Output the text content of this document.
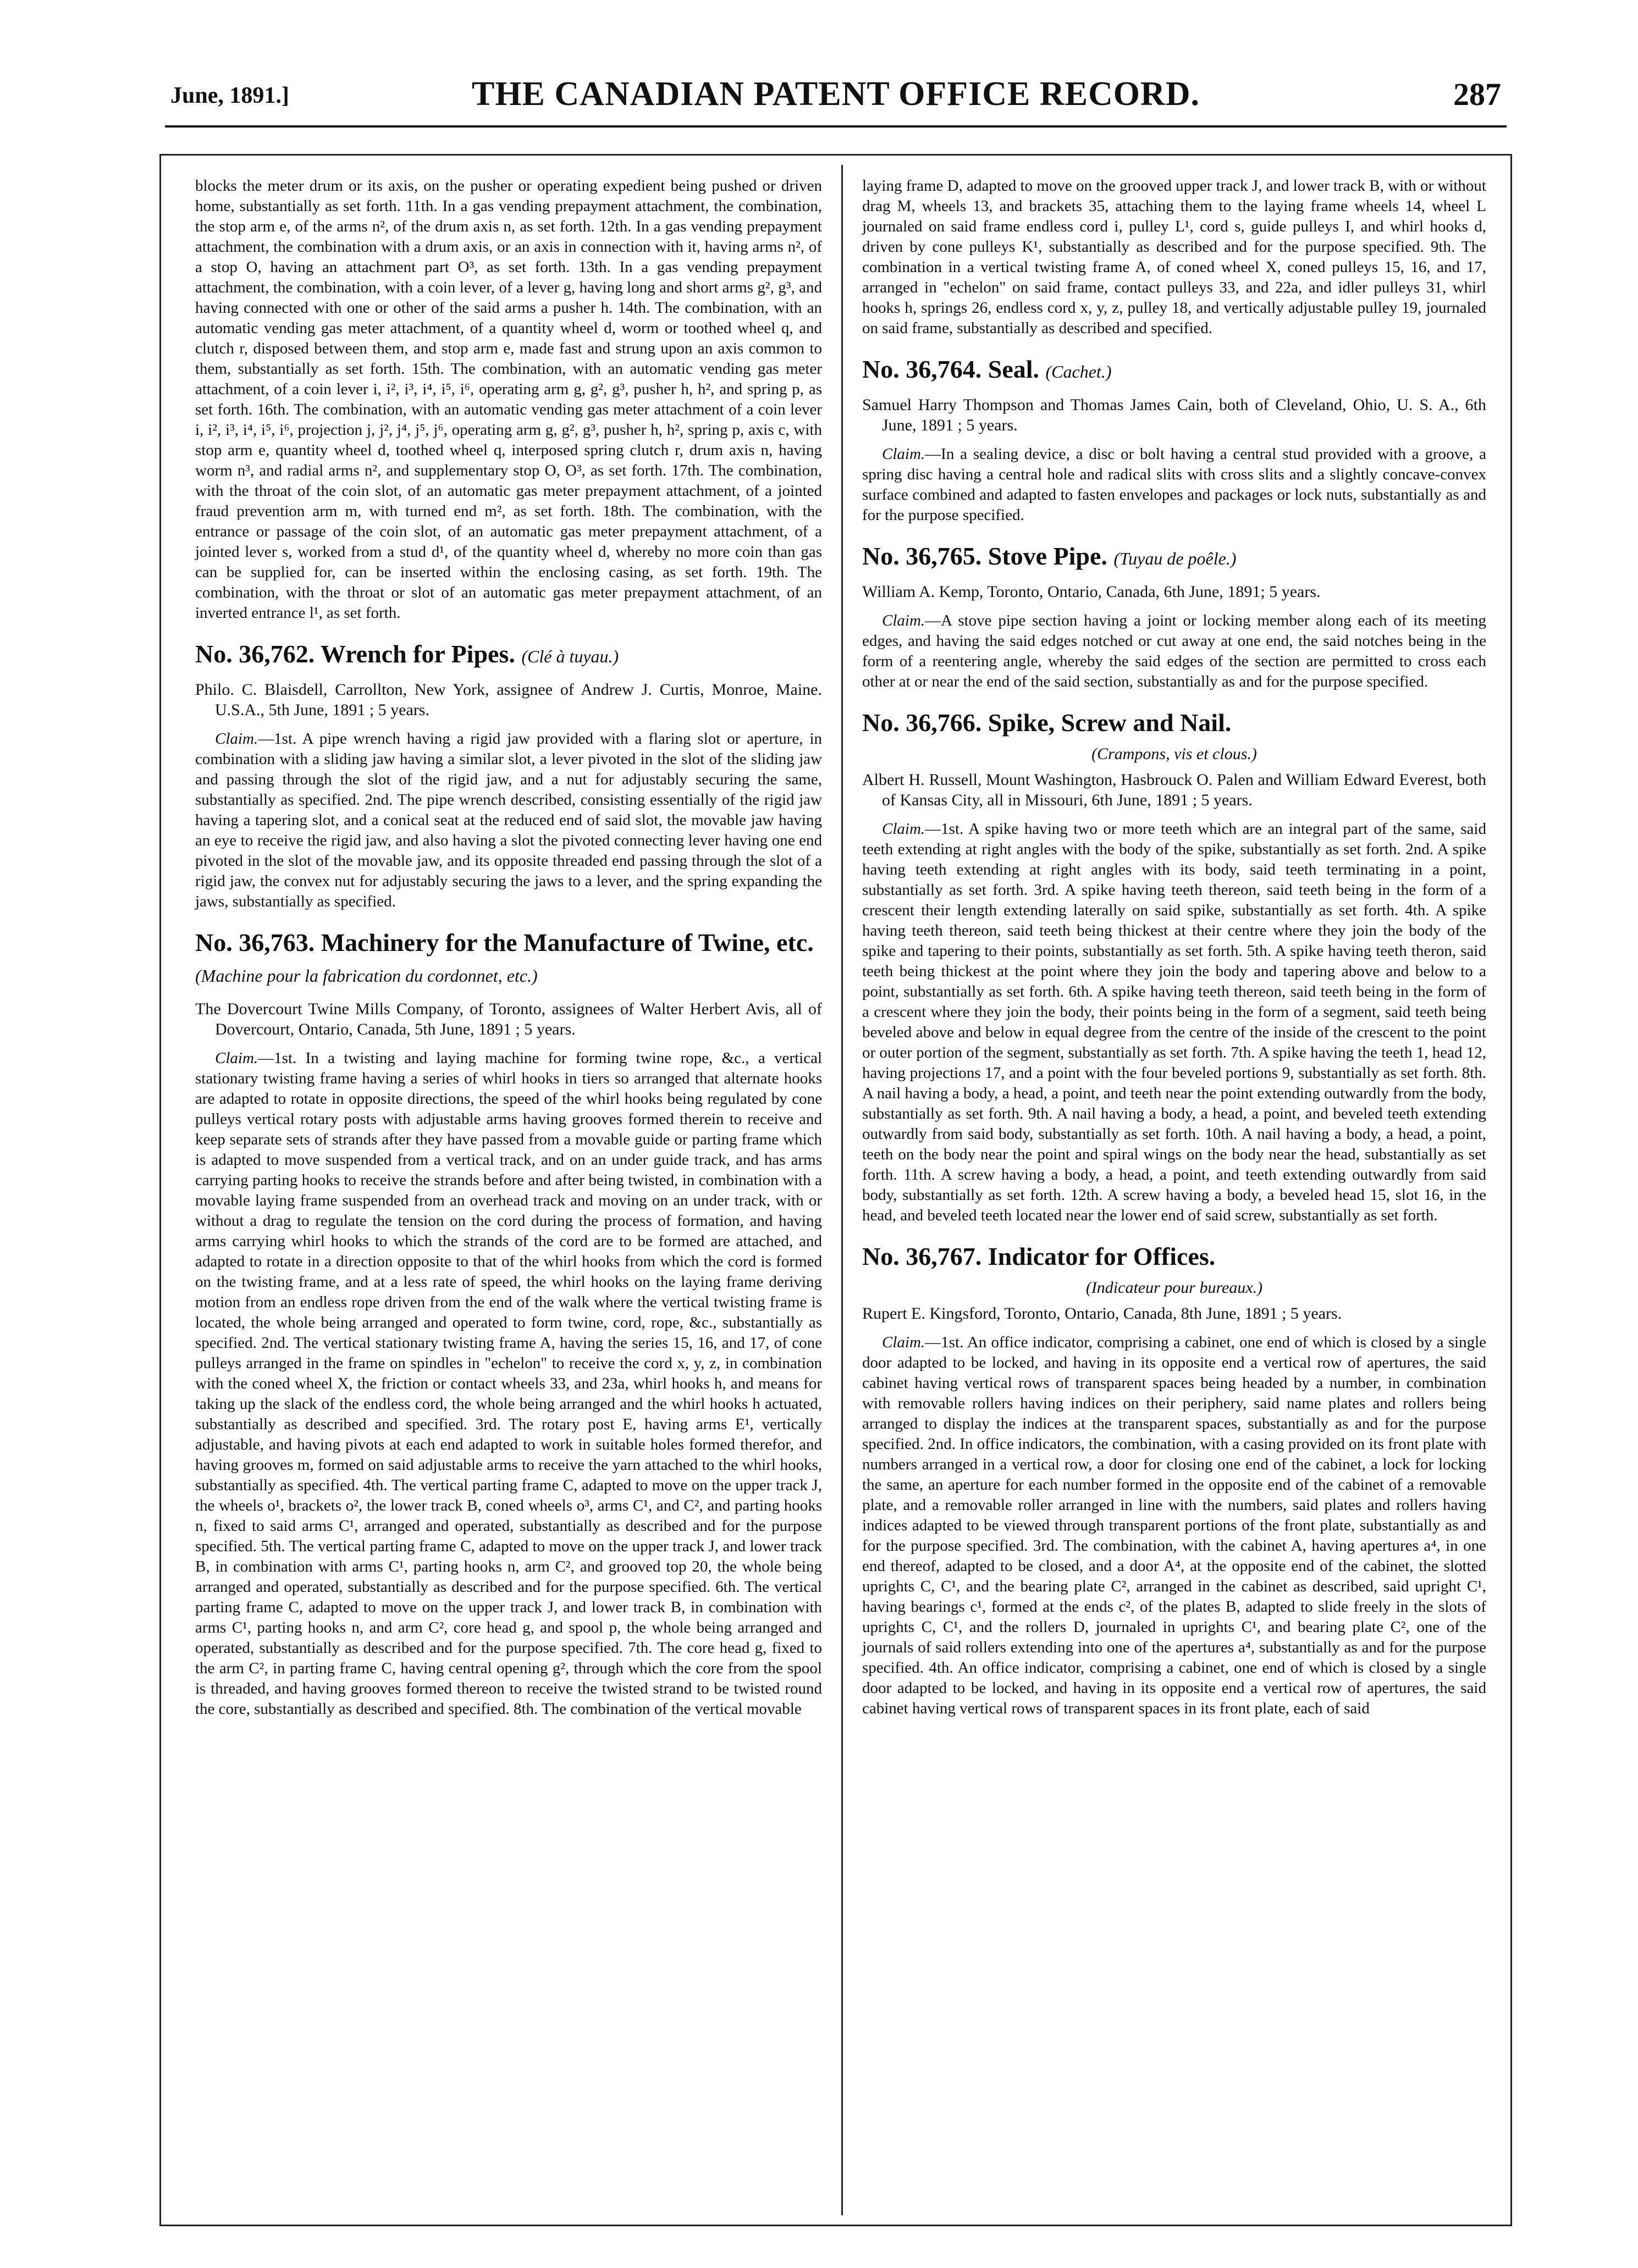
June, 1891.]	THE CANADIAN PATENT OFFICE RECORD.	287

blocks the meter drum or its axis, on the pusher or operating expedient being pushed or driven home, substantially as set forth. 11th. In a gas vending prepayment attachment, the combination, the stop arm e, of the arms n², of the drum axis n, as set forth. 12th. In a gas vending prepayment attachment, the combination with a drum axis, or an axis in connection with it, having arms n², of a stop O, having an attachment part O³, as set forth. 13th. In a gas vending prepayment attachment, the combination, with a coin lever, of a lever g, having long and short arms g², g³, and having connected with one or other of the said arms a pusher h. 14th. The combination, with an automatic vending gas meter attachment, of a quantity wheel d, worm or toothed wheel q, and clutch r, disposed between them, and stop arm e, made fast and strung upon an axis common to them, substantially as set forth. 15th. The combination, with an automatic vending gas meter attachment, of a coin lever i, i², i³, i⁴, i⁵, i⁶, operating arm g, g², g³, pusher h, h², and spring p, as set forth. 16th. The combination, with an automatic vending gas meter attachment of a coin lever i, i², i³, i⁴, i⁵, i⁶, projection j, j², j⁴, j⁵, j⁶, operating arm g, g², g³, pusher h, h², spring p, axis c, with stop arm e, quantity wheel d, toothed wheel q, interposed spring clutch r, drum axis n, having worm n³, and radial arms n², and supplementary stop O, O³, as set forth. 17th. The combination, with the throat of the coin slot, of an automatic gas meter prepayment attachment, of a jointed fraud prevention arm m, with turned end m², as set forth. 18th. The combination, with the entrance or passage of the coin slot, of an automatic gas meter prepayment attachment, of a jointed lever s, worked from a stud d¹, of the quantity wheel d, whereby no more coin than gas can be supplied for, can be inserted within the enclosing casing, as set forth. 19th. The combination, with the throat or slot of an automatic gas meter prepayment attachment, of an inverted entrance l¹, as set forth.

No. 36,762. Wrench for Pipes. (Clé à tuyau.)

Philo. C. Blaisdell, Carrollton, New York, assignee of Andrew J. Curtis, Monroe, Maine. U.S.A., 5th June, 1891 ; 5 years.

Claim.—1st. A pipe wrench having a rigid jaw provided with a flaring slot or aperture, in combination with a sliding jaw having a similar slot, a lever pivoted in the slot of the sliding jaw and passing through the slot of the rigid jaw, and a nut for adjustably securing the same, substantially as specified. 2nd. The pipe wrench described, consisting essentially of the rigid jaw having a tapering slot, and a conical seat at the reduced end of said slot, the movable jaw having an eye to receive the rigid jaw, and also having a slot the pivoted connecting lever having one end pivoted in the slot of the movable jaw, and its opposite threaded end passing through the slot of a rigid jaw, the convex nut for adjustably securing the jaws to a lever, and the spring expanding the jaws, substantially as specified.

No. 36,763. Machinery for the Manufacture of Twine, etc. (Machine pour la fabrication du cordonnet, etc.)

The Dovercourt Twine Mills Company, of Toronto, assignees of Walter Herbert Avis, all of Dovercourt, Ontario, Canada, 5th June, 1891 ; 5 years.

Claim.—1st. In a twisting and laying machine for forming twine rope, &c., a vertical stationary twisting frame having a series of whirl hooks in tiers so arranged that alternate hooks are adapted to rotate in opposite directions, the speed of the whirl hooks being regulated by cone pulleys vertical rotary posts with adjustable arms having grooves formed therein to receive and keep separate sets of strands after they have passed from a movable guide or parting frame which is adapted to move suspended from a vertical track, and on an under guide track, and has arms carrying parting hooks to receive the strands before and after being twisted, in combination with a movable laying frame suspended from an overhead track and moving on an under track, with or without a drag to regulate the tension on the cord during the process of formation, and having arms carrying whirl hooks to which the strands of the cord are to be formed are attached, and adapted to rotate in a direction opposite to that of the whirl hooks from which the cord is formed on the twisting frame, and at a less rate of speed, the whirl hooks on the laying frame deriving motion from an endless rope driven from the end of the walk where the vertical twisting frame is located, the whole being arranged and operated to form twine, cord, rope, &c., substantially as specified. 2nd. The vertical stationary twisting frame A, having the series 15, 16, and 17, of cone pulleys arranged in the frame on spindles in "echelon" to receive the cord x, y, z, in combination with the coned wheel X, the friction or contact wheels 33, and 23a, whirl hooks h, and means for taking up the slack of the endless cord, the whole being arranged and the whirl hooks h actuated, substantially as described and specified. 3rd. The rotary post E, having arms E¹, vertically adjustable, and having pivots at each end adapted to work in suitable holes formed therefor, and having grooves m, formed on said adjustable arms to receive the yarn attached to the whirl hooks, substantially as specified. 4th. The vertical parting frame C, adapted to move on the upper track J, the wheels o¹, brackets o², the lower track B, coned wheels o³, arms C¹, and C², and parting hooks n, fixed to said arms C¹, arranged and operated, substantially as described and for the purpose specified. 5th. The vertical parting frame C, adapted to move on the upper track J, and lower track B, in combination with arms C¹, parting hooks n, arm C², and grooved top 20, the whole being arranged and operated, substantially as described and for the purpose specified. 6th. The vertical parting frame C, adapted to move on the upper track J, and lower track B, in combination with arms C¹, parting hooks n, and arm C², core head g, and spool p, the whole being arranged and operated, substantially as described and for the purpose specified. 7th. The core head g, fixed to the arm C², in parting frame C, having central opening g², through which the core from the spool is threaded, and having grooves formed thereon to receive the twisted strand to be twisted round the core, substantially as described and specified. 8th. The combination of the vertical movable

laying frame D, adapted to move on the grooved upper track J, and lower track B, with or without drag M, wheels 13, and brackets 35, attaching them to the laying frame wheels 14, wheel L journaled on said frame endless cord i, pulley L¹, cord s, guide pulleys I, and whirl hooks d, driven by cone pulleys K¹, substantially as described and for the purpose specified. 9th. The combination in a vertical twisting frame A, of coned wheel X, coned pulleys 15, 16, and 17, arranged in "echelon" on said frame, contact pulleys 33, and 22a, and idler pulleys 31, whirl hooks h, springs 26, endless cord x, y, z, pulley 18, and vertically adjustable pulley 19, journaled on said frame, substantially as described and specified.

No. 36,764. Seal. (Cachet.)

Samuel Harry Thompson and Thomas James Cain, both of Cleveland, Ohio, U. S. A., 6th June, 1891 ; 5 years.

Claim.—In a sealing device, a disc or bolt having a central stud provided with a groove, a spring disc having a central hole and radical slits with cross slits and a slightly concave-convex surface combined and adapted to fasten envelopes and packages or lock nuts, substantially as and for the purpose specified.

No. 36,765. Stove Pipe. (Tuyau de poêle.)

William A. Kemp, Toronto, Ontario, Canada, 6th June, 1891; 5 years.

Claim.—A stove pipe section having a joint or locking member along each of its meeting edges, and having the said edges notched or cut away at one end, the said notches being in the form of a reentering angle, whereby the said edges of the section are permitted to cross each other at or near the end of the said section, substantially as and for the purpose specified.

No. 36,766. Spike, Screw and Nail.
(Crampons, vis et clous.)

Albert H. Russell, Mount Washington, Hasbrouck O. Palen and William Edward Everest, both of Kansas City, all in Missouri, 6th June, 1891 ; 5 years.

Claim.—1st. A spike having two or more teeth which are an integral part of the same, said teeth extending at right angles with the body of the spike, substantially as set forth. 2nd. A spike having teeth extending at right angles with its body, said teeth terminating in a point, substantially as set forth. 3rd. A spike having teeth thereon, said teeth being in the form of a crescent their length extending laterally on said spike, substantially as set forth. 4th. A spike having teeth thereon, said teeth being thickest at their centre where they join the body of the spike and tapering to their points, substantially as set forth. 5th. A spike having teeth theron, said teeth being thickest at the point where they join the body and tapering above and below to a point, substantially as set forth. 6th. A spike having teeth thereon, said teeth being in the form of a crescent where they join the body, their points being in the form of a segment, said teeth being beveled above and below in equal degree from the centre of the inside of the crescent to the point or outer portion of the segment, substantially as set forth. 7th. A spike having the teeth 1, head 12, having projections 17, and a point with the four beveled portions 9, substantially as set forth. 8th. A nail having a body, a head, a point, and teeth near the point extending outwardly from the body, substantially as set forth. 9th. A nail having a body, a head, a point, and beveled teeth extending outwardly from said body, substantially as set forth. 10th. A nail having a body, a head, a point, teeth on the body near the point and spiral wings on the body near the head, substantially as set forth. 11th. A screw having a body, a head, a point, and teeth extending outwardly from said body, substantially as set forth. 12th. A screw having a body, a beveled head 15, slot 16, in the head, and beveled teeth located near the lower end of said screw, substantially as set forth.

No. 36,767. Indicator for Offices.
(Indicateur pour bureaux.)

Rupert E. Kingsford, Toronto, Ontario, Canada, 8th June, 1891 ; 5 years.

Claim.—1st. An office indicator, comprising a cabinet, one end of which is closed by a single door adapted to be locked, and having in its opposite end a vertical row of apertures, the said cabinet having vertical rows of transparent spaces being headed by a number, in combination with removable rollers having indices on their periphery, said name plates and rollers being arranged to display the indices at the transparent spaces, substantially as and for the purpose specified. 2nd. In office indicators, the combination, with a casing provided on its front plate with numbers arranged in a vertical row, a door for closing one end of the cabinet, a lock for locking the same, an aperture for each number formed in the opposite end of the cabinet of a removable plate, and a removable roller arranged in line with the numbers, said plates and rollers having indices adapted to be viewed through transparent portions of the front plate, substantially as and for the purpose specified. 3rd. The combination, with the cabinet A, having apertures a⁴, in one end thereof, adapted to be closed, and a door A⁴, at the opposite end of the cabinet, the slotted uprights C, C¹, and the bearing plate C², arranged in the cabinet as described, said upright C¹, having bearings c¹, formed at the ends c², of the plates B, adapted to slide freely in the slots of uprights C, C¹, and the rollers D, journaled in uprights C¹, and bearing plate C², one of the journals of said rollers extending into one of the apertures a⁴, substantially as and for the purpose specified. 4th. An office indicator, comprising a cabinet, one end of which is closed by a single door adapted to be locked, and having in its opposite end a vertical row of apertures, the said cabinet having vertical rows of transparent spaces in its front plate, each of said
